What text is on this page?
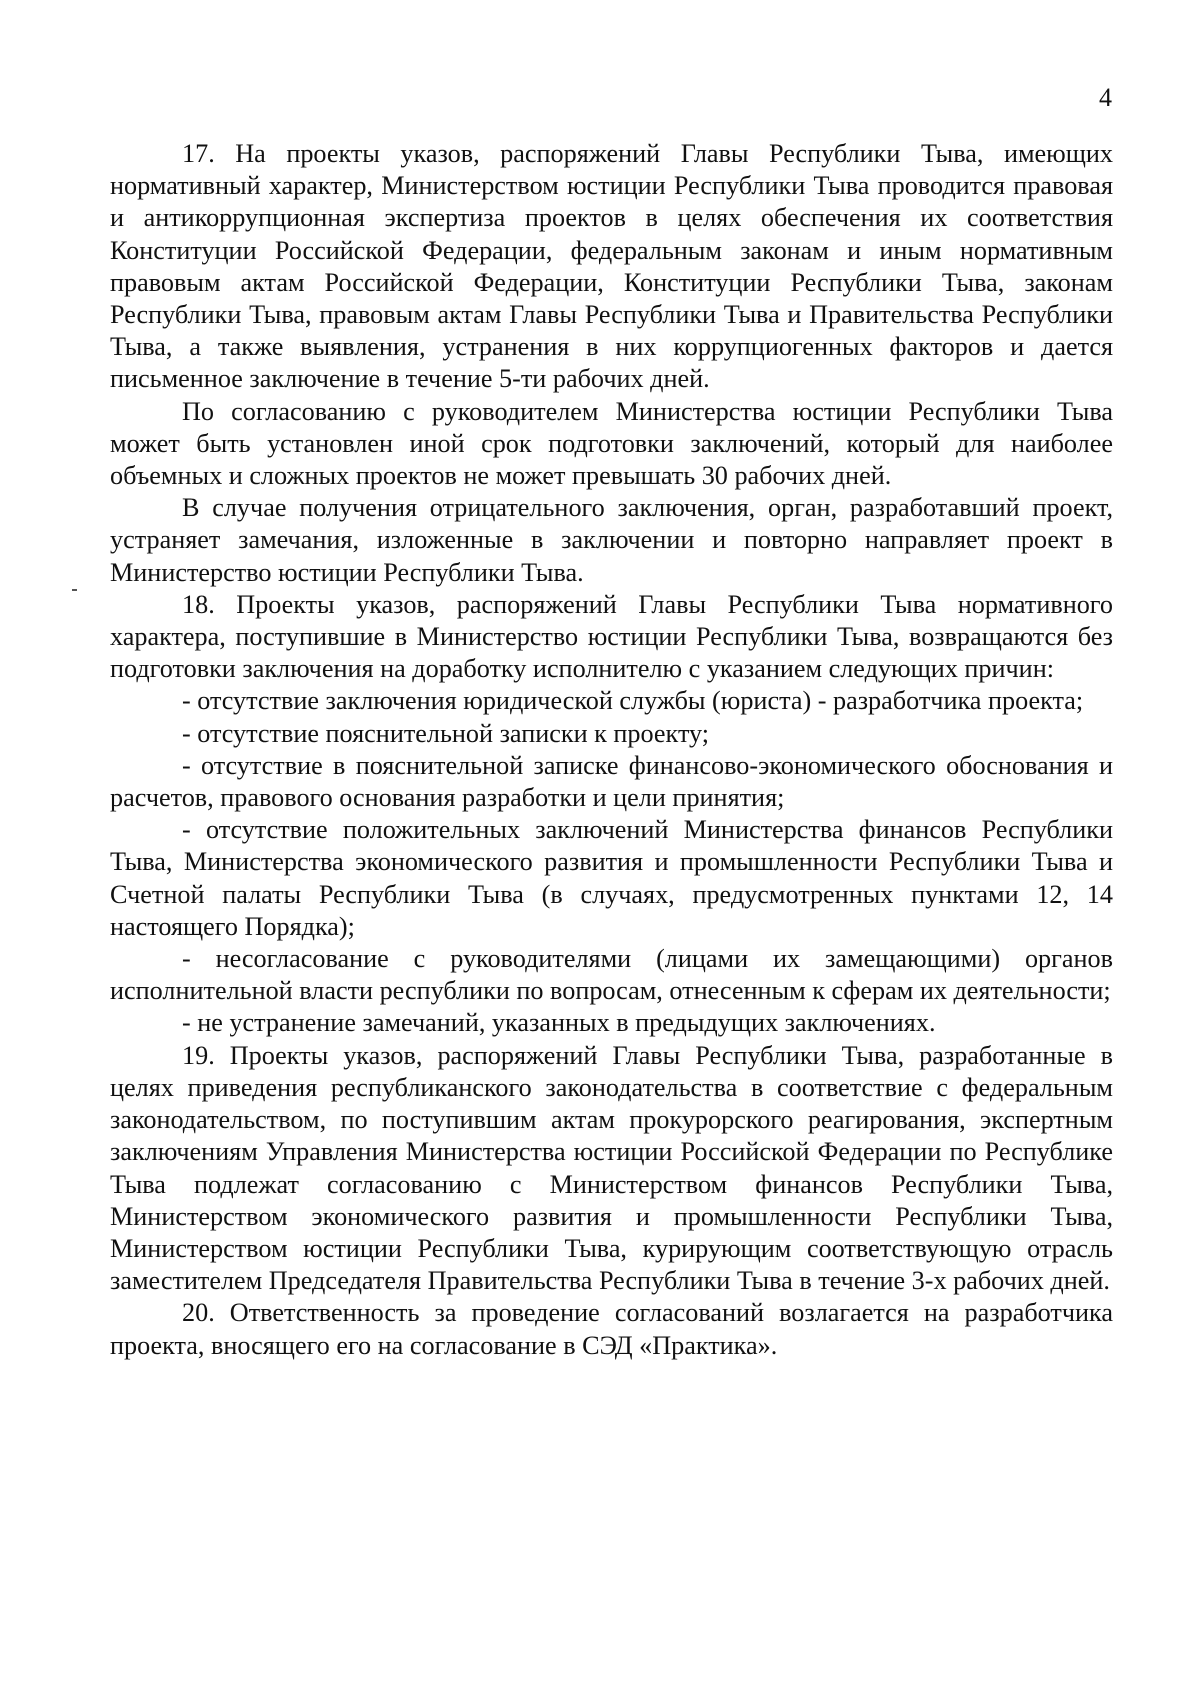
4

17. На проекты указов, распоряжений Главы Республики Тыва, имеющих нормативный характер, Министерством юстиции Республики Тыва проводится правовая и антикоррупционная экспертиза проектов в целях обеспечения их соответствия Конституции Российской Федерации, федеральным законам и иным нормативным правовым актам Российской Федерации, Конституции Республики Тыва, законам Республики Тыва, правовым актам Главы Республики Тыва и Правительства Республики Тыва, а также выявления, устранения в них коррупциогенных факторов и дается письменное заключение в течение 5-ти рабочих дней.

По согласованию с руководителем Министерства юстиции Республики Тыва может быть установлен иной срок подготовки заключений, который для наиболее объемных и сложных проектов не может превышать 30 рабочих дней.

В случае получения отрицательного заключения, орган, разработавший проект, устраняет замечания, изложенные в заключении и повторно направляет проект в Министерство юстиции Республики Тыва.

18. Проекты указов, распоряжений Главы Республики Тыва нормативного характера, поступившие в Министерство юстиции Республики Тыва, возвращаются без подготовки заключения на доработку исполнителю с указанием следующих причин:

- отсутствие заключения юридической службы (юриста) - разработчика проекта;

- отсутствие пояснительной записки к проекту;

- отсутствие в пояснительной записке финансово-экономического обоснования и расчетов, правового основания разработки и цели принятия;

- отсутствие положительных заключений Министерства финансов Республики Тыва, Министерства экономического развития и промышленности Республики Тыва и Счетной палаты Республики Тыва (в случаях, предусмотренных пунктами 12, 14 настоящего Порядка);

- несогласование с руководителями (лицами их замещающими) органов исполнительной власти республики по вопросам, отнесенным к сферам их деятельности;

- не устранение замечаний, указанных в предыдущих заключениях.

19. Проекты указов, распоряжений Главы Республики Тыва, разработанные в целях приведения республиканского законодательства в соответствие с федеральным законодательством, по поступившим актам прокурорского реагирования, экспертным заключениям Управления Министерства юстиции Российской Федерации по Республике Тыва подлежат согласованию с Министерством финансов Республики Тыва, Министерством экономического развития и промышленности Республики Тыва, Министерством юстиции Республики Тыва, курирующим соответствующую отрасль заместителем Председателя Правительства Республики Тыва в течение 3-х рабочих дней.

20. Ответственность за проведение согласований возлагается на разработчика проекта, вносящего его на согласование в СЭД «Практика».
